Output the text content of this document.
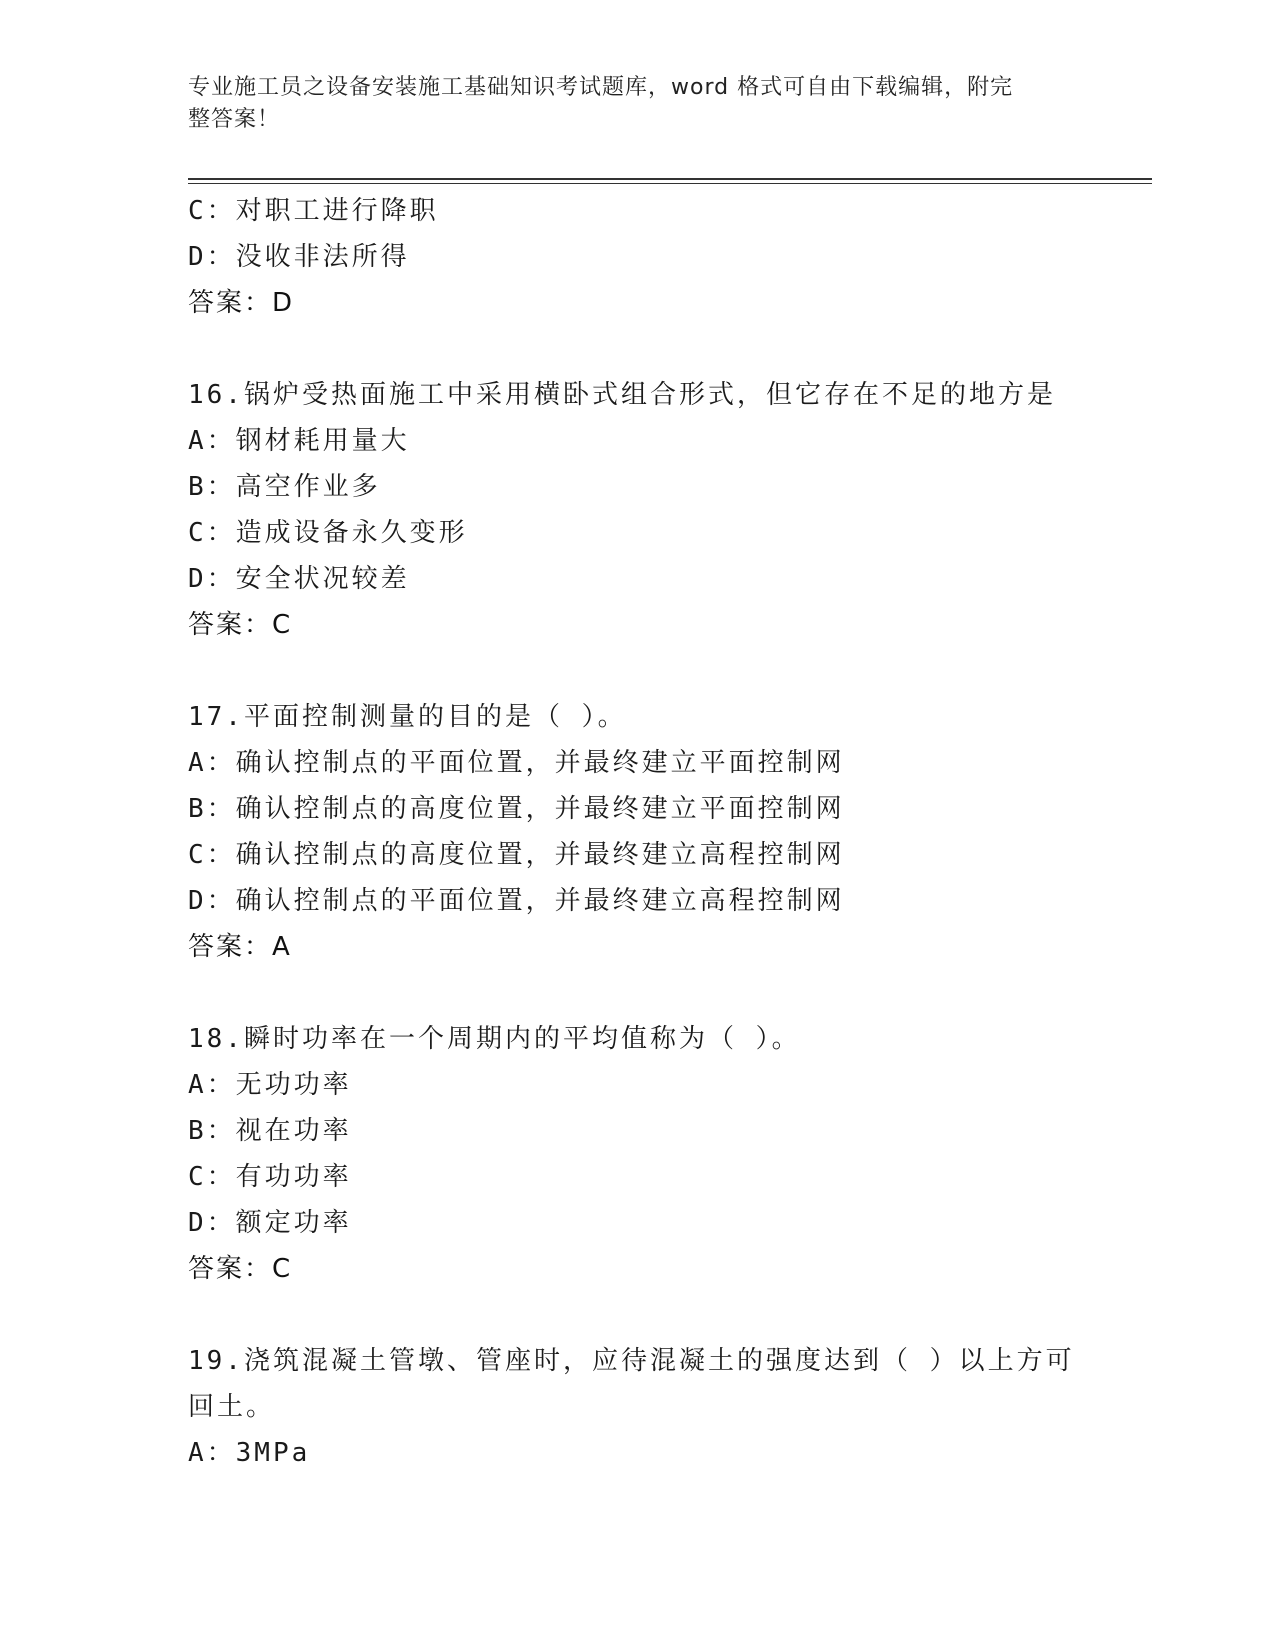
专业施工员之设备安装施工基础知识考试题库，word 格式可自由下载编辑，附完
整答案！
C：对职工进行降职
D：没收非法所得
答案：D
16.锅炉受热面施工中采用横卧式组合形式，但它存在不足的地方是
A：钢材耗用量大
B：高空作业多
C：造成设备永久变形
D：安全状况较差
答案：C
17.平面控制测量的目的是（ ）。
A：确认控制点的平面位置，并最终建立平面控制网
B：确认控制点的高度位置，并最终建立平面控制网
C：确认控制点的高度位置，并最终建立高程控制网
D：确认控制点的平面位置，并最终建立高程控制网
答案：A
18.瞬时功率在一个周期内的平均值称为（ ）。
A：无功功率
B：视在功率
C：有功功率
D：额定功率
答案：C
19.浇筑混凝土管墩、管座时，应待混凝土的强度达到（ ）以上方可
回土。
A：3MPa
